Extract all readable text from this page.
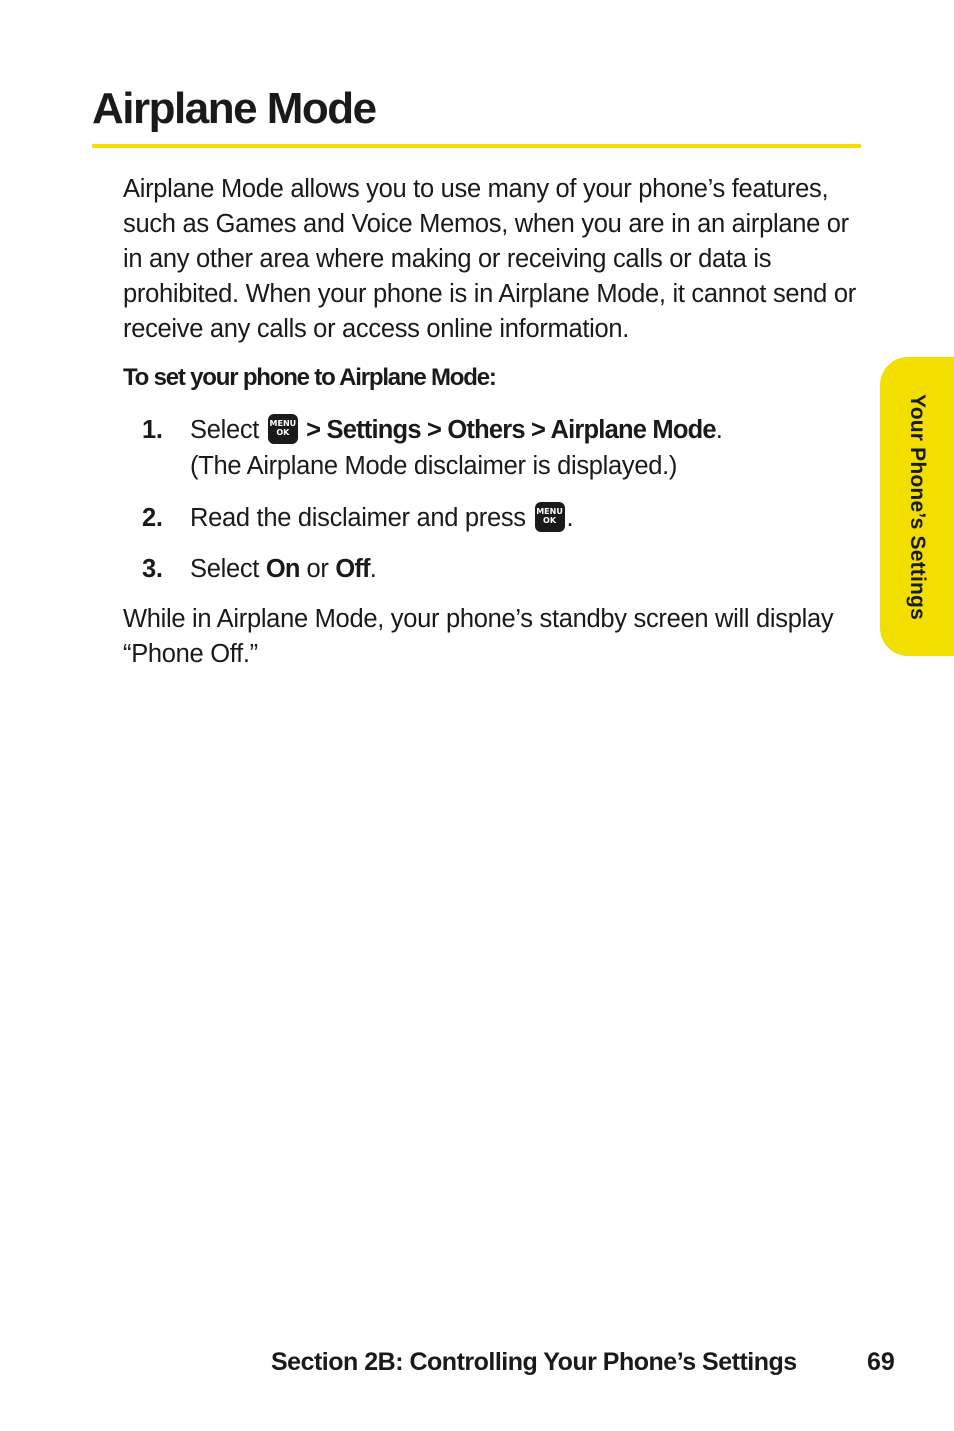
Airplane Mode

Airplane Mode allows you to use many of your phone’s features, such as Games and Voice Memos, when you are in an airplane or in any other area where making or receiving calls or data is prohibited. When your phone is in Airplane Mode, it cannot send or receive any calls or access online information.

To set your phone to Airplane Mode:

1. Select MENU
OK > Settings > Others > Airplane Mode.
(The Airplane Mode disclaimer is displayed.)
2. Read the disclaimer and press MENU
OK .
3. Select On or Off.

While in Airplane Mode, your phone’s standby screen will display “Phone Off.”

Your Phone’s Settings
Section 2B: Controlling Your Phone’s Settings	69
